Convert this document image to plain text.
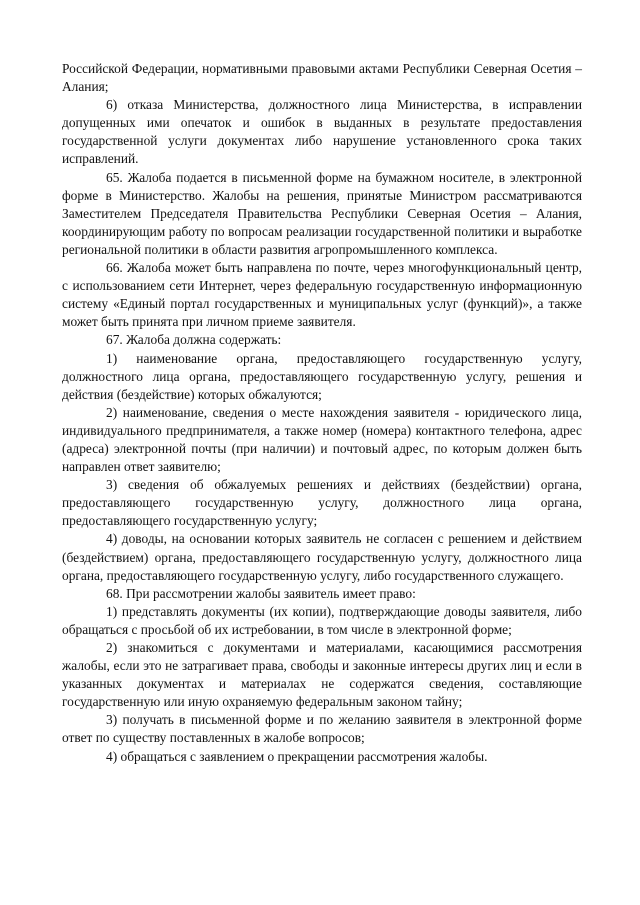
Российской Федерации, нормативными правовыми актами Республики Северная Осетия – Алания;

6) отказа Министерства, должностного лица Министерства, в исправлении допущенных ими опечаток и ошибок в выданных в результате предоставления государственной услуги документах либо нарушение установленного срока таких исправлений.

65. Жалоба подается в письменной форме на бумажном носителе, в электронной форме в Министерство. Жалобы на решения, принятые Министром рассматриваются Заместителем Председателя Правительства Республики Северная Осетия – Алания, координирующим работу по вопросам реализации государственной политики и выработке региональной политики в области развития агропромышленного комплекса.

66. Жалоба может быть направлена по почте, через многофункциональный центр, с использованием сети Интернет, через федеральную государственную информационную систему «Единый портал государственных и муниципальных услуг (функций)», а также может быть принята при личном приеме заявителя.

67. Жалоба должна содержать:

1) наименование органа, предоставляющего государственную услугу, должностного лица органа, предоставляющего государственную услугу, решения и действия (бездействие) которых обжалуются;

2) наименование, сведения о месте нахождения заявителя - юридического лица, индивидуального предпринимателя, а также номер (номера) контактного телефона, адрес (адреса) электронной почты (при наличии) и почтовый адрес, по которым должен быть направлен ответ заявителю;

3) сведения об обжалуемых решениях и действиях (бездействии) органа, предоставляющего государственную услугу, должностного лица органа, предоставляющего государственную услугу;

4) доводы, на основании которых заявитель не согласен с решением и действием (бездействием) органа, предоставляющего государственную услугу, должностного лица органа, предоставляющего государственную услугу, либо государственного служащего.

68. При рассмотрении жалобы заявитель имеет право:

1) представлять документы (их копии), подтверждающие доводы заявителя, либо обращаться с просьбой об их истребовании, в том числе в электронной форме;

2) знакомиться с документами и материалами, касающимися рассмотрения жалобы, если это не затрагивает права, свободы и законные интересы других лиц и если в указанных документах и материалах не содержатся сведения, составляющие государственную или иную охраняемую федеральным законом тайну;

3) получать в письменной форме и по желанию заявителя в электронной форме ответ по существу поставленных в жалобе вопросов;

4) обращаться с заявлением о прекращении рассмотрения жалобы.
